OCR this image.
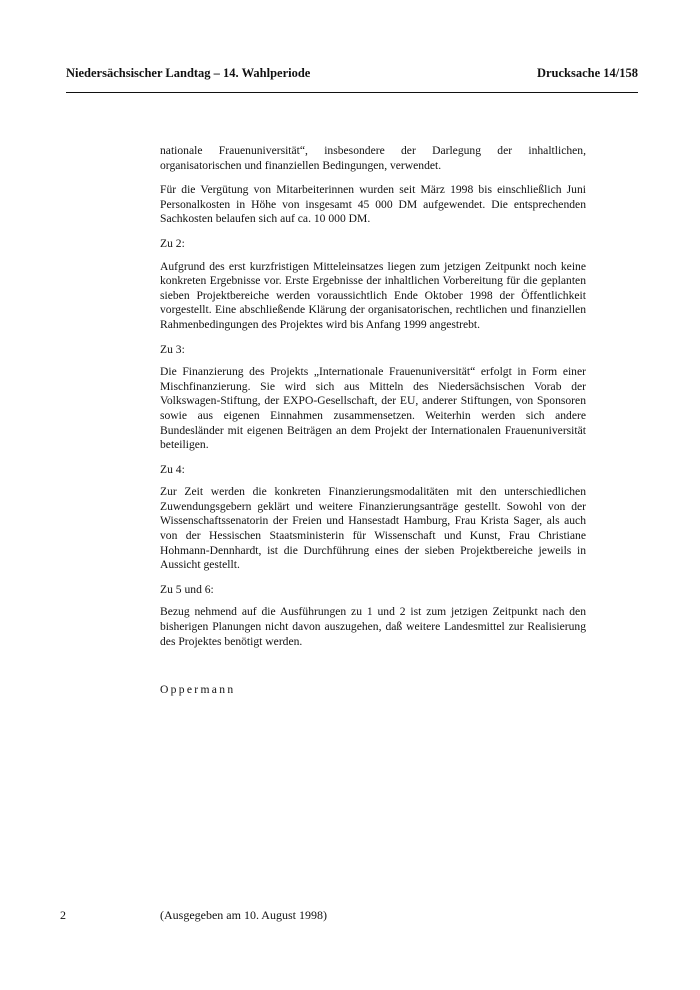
Niedersächsischer Landtag – 14. Wahlperiode	Drucksache 14/158

nationale Frauenuniversität“, insbesondere der Darlegung der inhaltlichen, organisatorischen und finanziellen Bedingungen, verwendet.

Für die Vergütung von Mitarbeiterinnen wurden seit März 1998 bis einschließlich Juni Personalkosten in Höhe von insgesamt 45 000 DM aufgewendet. Die entsprechenden Sachkosten belaufen sich auf ca. 10 000 DM.

Zu 2:

Aufgrund des erst kurzfristigen Mitteleinsatzes liegen zum jetzigen Zeitpunkt noch keine konkreten Ergebnisse vor. Erste Ergebnisse der inhaltlichen Vorbereitung für die geplanten sieben Projektbereiche werden voraussichtlich Ende Oktober 1998 der Öffentlichkeit vorgestellt. Eine abschließende Klärung der organisatorischen, rechtlichen und finanziellen Rahmenbedingungen des Projektes wird bis Anfang 1999 angestrebt.

Zu 3:

Die Finanzierung des Projekts „Internationale Frauenuniversität“ erfolgt in Form einer Mischfinanzierung. Sie wird sich aus Mitteln des Niedersächsischen Vorab der Volkswagen-Stiftung, der EXPO-Gesellschaft, der EU, anderer Stiftungen, von Sponsoren sowie aus eigenen Einnahmen zusammensetzen. Weiterhin werden sich andere Bundesländer mit eigenen Beiträgen an dem Projekt der Internationalen Frauenuniversität beteiligen.

Zu 4:

Zur Zeit werden die konkreten Finanzierungsmodalitäten mit den unterschiedlichen Zuwendungsgebern geklärt und weitere Finanzierungsanträge gestellt. Sowohl von der Wissenschaftssenatorin der Freien und Hansestadt Hamburg, Frau Krista Sager, als auch von der Hessischen Staatsministerin für Wissenschaft und Kunst, Frau Christiane Hohmann-Dennhardt, ist die Durchführung eines der sieben Projektbereiche jeweils in Aussicht gestellt.

Zu 5 und 6:

Bezug nehmend auf die Ausführungen zu 1 und 2 ist zum jetzigen Zeitpunkt nach den bisherigen Planungen nicht davon auszugehen, daß weitere Landesmittel zur Realisierung des Projektes benötigt werden.

Oppermann
2	(Ausgegeben am 10. August 1998)
